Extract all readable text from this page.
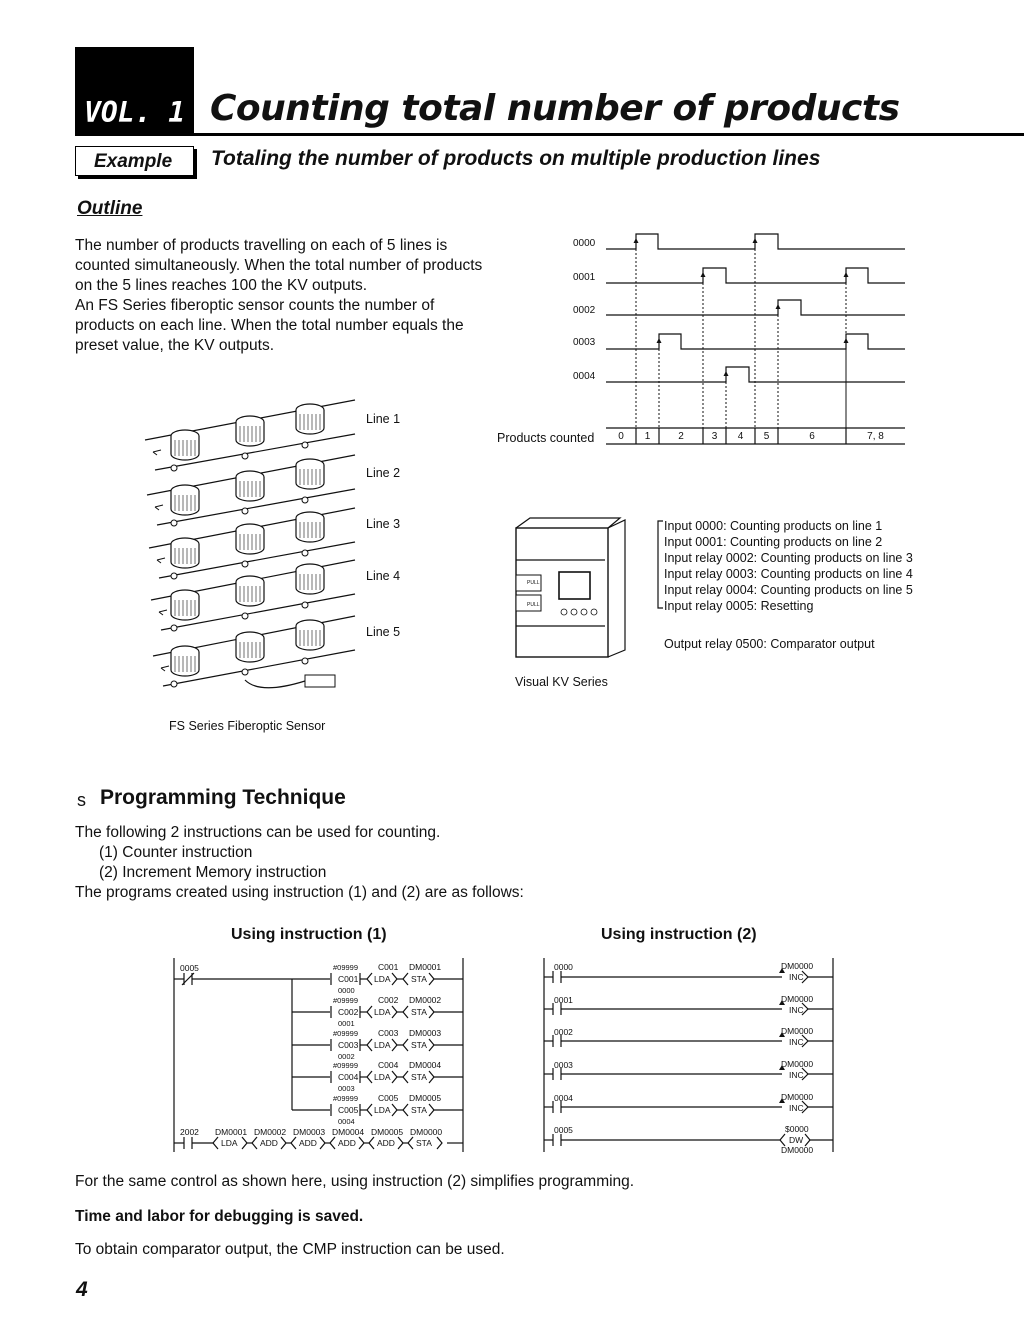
VOL. 1 Counting total number of products
Example Totaling the number of products on multiple production lines
Outline
The number of products travelling on each of 5 lines is
counted simultaneously. When the total number of products
on the 5 lines reaches 100 the KV outputs.
An FS Series fiberoptic sensor counts the number of
products on each line. When the total number equals the
preset value, the KV outputs.
0000
0001
0002
0003
0004
Products counted	0	1	2	3	4	5	6	7, 8
Line 1
Line 2
Line 3
Line 4
Line 5
FS Series Fiberoptic Sensor
PULL
PULL
Visual KV Series
Input 0000: Counting products on line 1
Input 0001: Counting products on line 2
Input relay 0002: Counting products on line 3
Input relay 0003: Counting products on line 4
Input relay 0004: Counting products on line 5
Input relay 0005: Resetting
Output relay 0500: Comparator output
s Programming Technique
The following 2 instructions can be used for counting.
(1) Counter instruction
(2) Increment Memory instruction
The programs created using instruction (1) and (2) are as follows:
Using instruction (1)	Using instruction (2)
0005	#09999
C001
0000
C001 DM0001
LDA STA
#09999
C002
0001
C002 DM0002
LDA STA
#09999
C003
0002
C003 DM0003
LDA STA
#09999
C004
0003
C004 DM0004
LDA STA
#09999
C005
0004
C005 DM0005
LDA STA
2002 DM0001
LDA
DM0002
ADD
DM0003
ADD
DM0004
ADD
DM0005
ADD
DM0000
STA
0000	DM0000
INC
0001	DM0000
INC
0002	DM0000
INC
0003	DM0000
INC
0004	DM0000
INC
0005	$0000
DW
DM0000
For the same control as shown here, using instruction (2) simplifies programming.
Time and labor for debugging is saved.
To obtain comparator output, the CMP instruction can be used.
4
